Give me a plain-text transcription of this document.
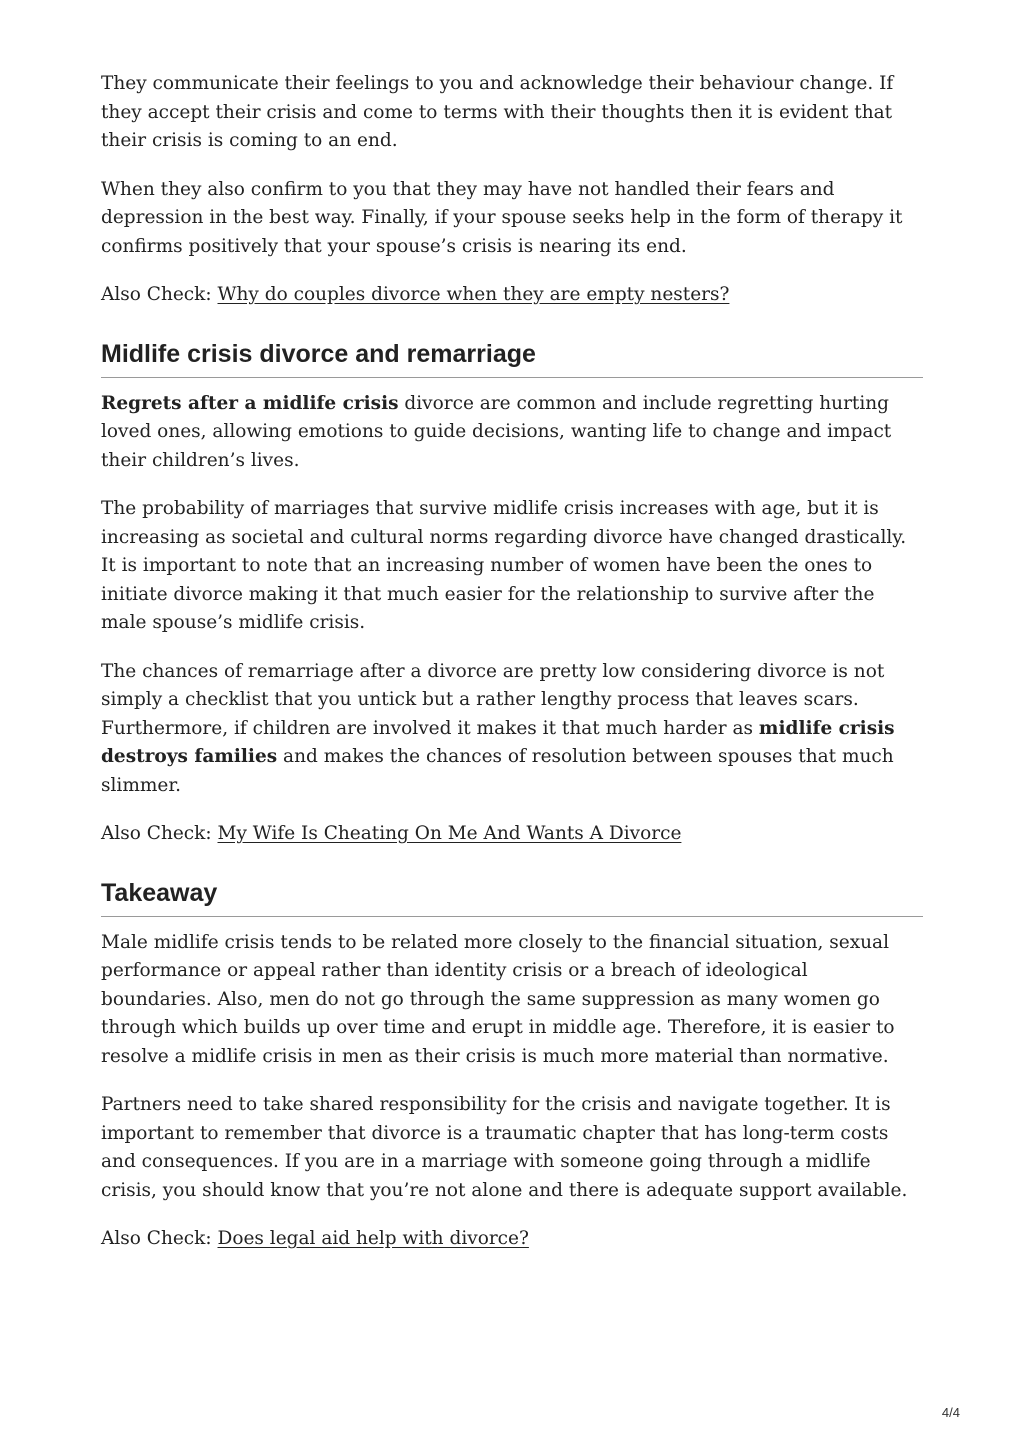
They communicate their feelings to you and acknowledge their behaviour change. If they accept their crisis and come to terms with their thoughts then it is evident that their crisis is coming to an end.

When they also confirm to you that they may have not handled their fears and depression in the best way. Finally, if your spouse seeks help in the form of therapy it confirms positively that your spouse’s crisis is nearing its end.

Also Check: Why do couples divorce when they are empty nesters?

Midlife crisis divorce and remarriage

Regrets after a midlife crisis divorce are common and include regretting hurting loved ones, allowing emotions to guide decisions, wanting life to change and impact their children’s lives.

The probability of marriages that survive midlife crisis increases with age, but it is increasing as societal and cultural norms regarding divorce have changed drastically. It is important to note that an increasing number of women have been the ones to initiate divorce making it that much easier for the relationship to survive after the male spouse’s midlife crisis.

The chances of remarriage after a divorce are pretty low considering divorce is not simply a checklist that you untick but a rather lengthy process that leaves scars. Furthermore, if children are involved it makes it that much harder as midlife crisis destroys families and makes the chances of resolution between spouses that much slimmer.

Also Check: My Wife Is Cheating On Me And Wants A Divorce

Takeaway

Male midlife crisis tends to be related more closely to the financial situation, sexual performance or appeal rather than identity crisis or a breach of ideological boundaries. Also, men do not go through the same suppression as many women go through which builds up over time and erupt in middle age. Therefore, it is easier to resolve a midlife crisis in men as their crisis is much more material than normative.

Partners need to take shared responsibility for the crisis and navigate together. It is important to remember that divorce is a traumatic chapter that has long-term costs and consequences. If you are in a marriage with someone going through a midlife crisis, you should know that you’re not alone and there is adequate support available.

Also Check: Does legal aid help with divorce?

4/4
